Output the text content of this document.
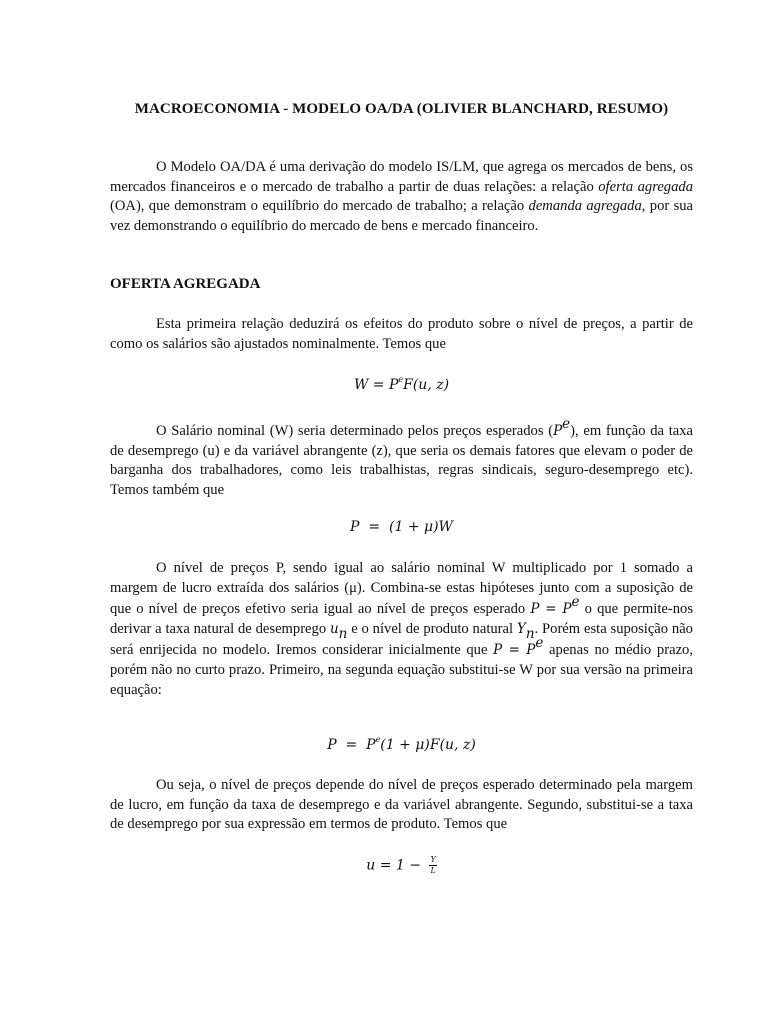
MACROECONOMIA - MODELO OA/DA (OLIVIER BLANCHARD, RESUMO)

O Modelo OA/DA é uma derivação do modelo IS/LM, que agrega os mercados de bens, os mercados financeiros e o mercado de trabalho a partir de duas relações: a relação oferta agregada (OA), que demonstram o equilíbrio do mercado de trabalho; a relação demanda agregada, por sua vez demonstrando o equilíbrio do mercado de bens e mercado financeiro.

OFERTA AGREGADA

Esta primeira relação deduzirá os efeitos do produto sobre o nível de preços, a partir de como os salários são ajustados nominalmente. Temos que

$W = P^eF(u$, z)

O Salário nominal (W) seria determinado pelos preços esperados $(P^e)$, em função da taxa de desemprego (u) e da variável abrangente (z), que seria os demais fatores que elevam o poder de barganha dos trabalhadores, como leis trabalhistas, regras sindicais, seguro-desemprego etc). Temos também que

P  =  (1 + μ)W

O nível de preços P, sendo igual ao salário nominal W multiplicado por 1 somado a margem de lucro extraída dos salários (μ). Combina-se estas hipóteses junto com a suposição de que o nível de preços efetivo seria igual ao nível de preços esperado $P = P^e$ o que permite-nos derivar a taxa natural de desemprego $u_n$ e o nível de produto natural $Y_n$. Porém esta suposição não será enrijecida no modelo. Iremos considerar inicialmente que $P = P^e$ apenas no médio prazo, porém não no curto prazo. Primeiro, na segunda equação substitui-se W por sua versão na primeira equação:

$P = P^e(1 + \mu)F(u$, z)

Ou seja, o nível de preços depende do nível de preços esperado determinado pela margem de lucro, em função da taxa de desemprego e da variável abrangente. Segundo, substitui-se a taxa de desemprego por sua expressão em termos de produto. Temos que

$u = 1 - \frac{Y}{L}$
